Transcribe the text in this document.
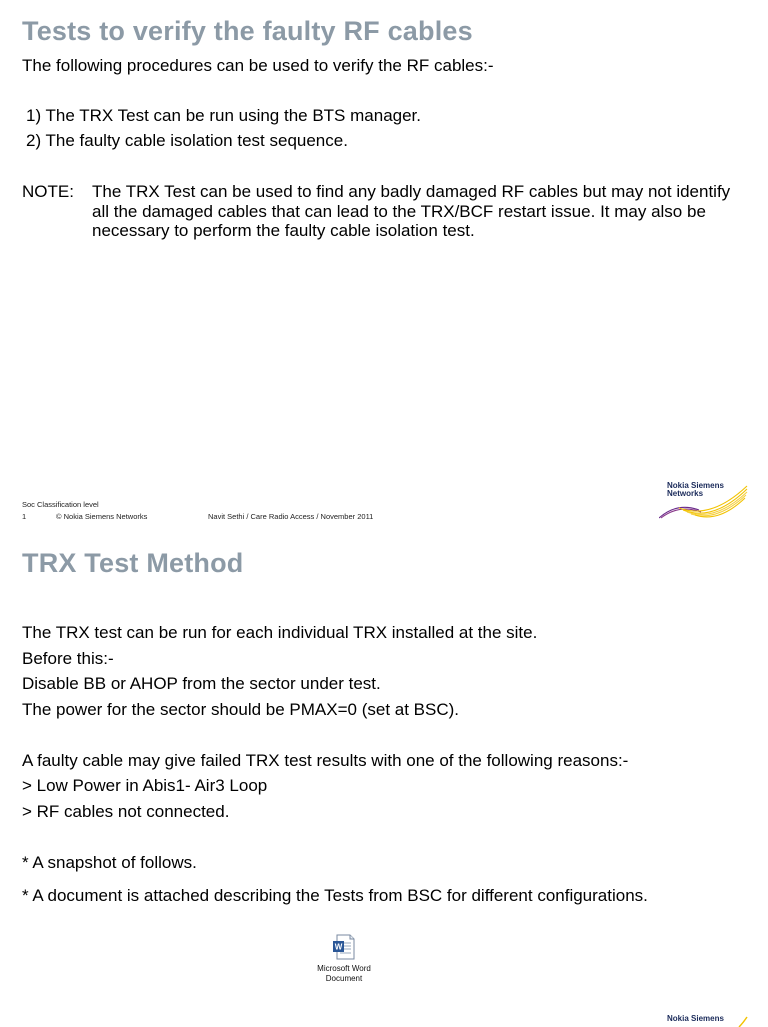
Tests to verify the faulty RF cables
The following procedures can be used to verify the RF cables:-
1) The TRX Test can be run using the BTS manager.
2) The faulty cable isolation test sequence.
NOTE: The TRX Test can be used to find any badly damaged RF cables but may not identify all the damaged cables that can lead to the TRX/BCF restart issue. It may also be necessary to perform the faulty cable isolation test.
Soc Classification level
1	© Nokia Siemens Networks	Navit Sethi / Care Radio Access / November 2011
Nokia Siemens
Networks
TRX Test Method
The TRX test can be run for each individual TRX installed at the site.
Before this:-
Disable BB or AHOP from the sector under test.
The power for the sector should be PMAX=0 (set at BSC).
A faulty cable may give failed TRX test results with one of the following reasons:-
> Low Power in Abis1- Air3 Loop
> RF cables not connected.
* A snapshot of follows.
* A document is attached describing the Tests from BSC for different configurations.
W
Microsoft Word
Document
Nokia Siemens
